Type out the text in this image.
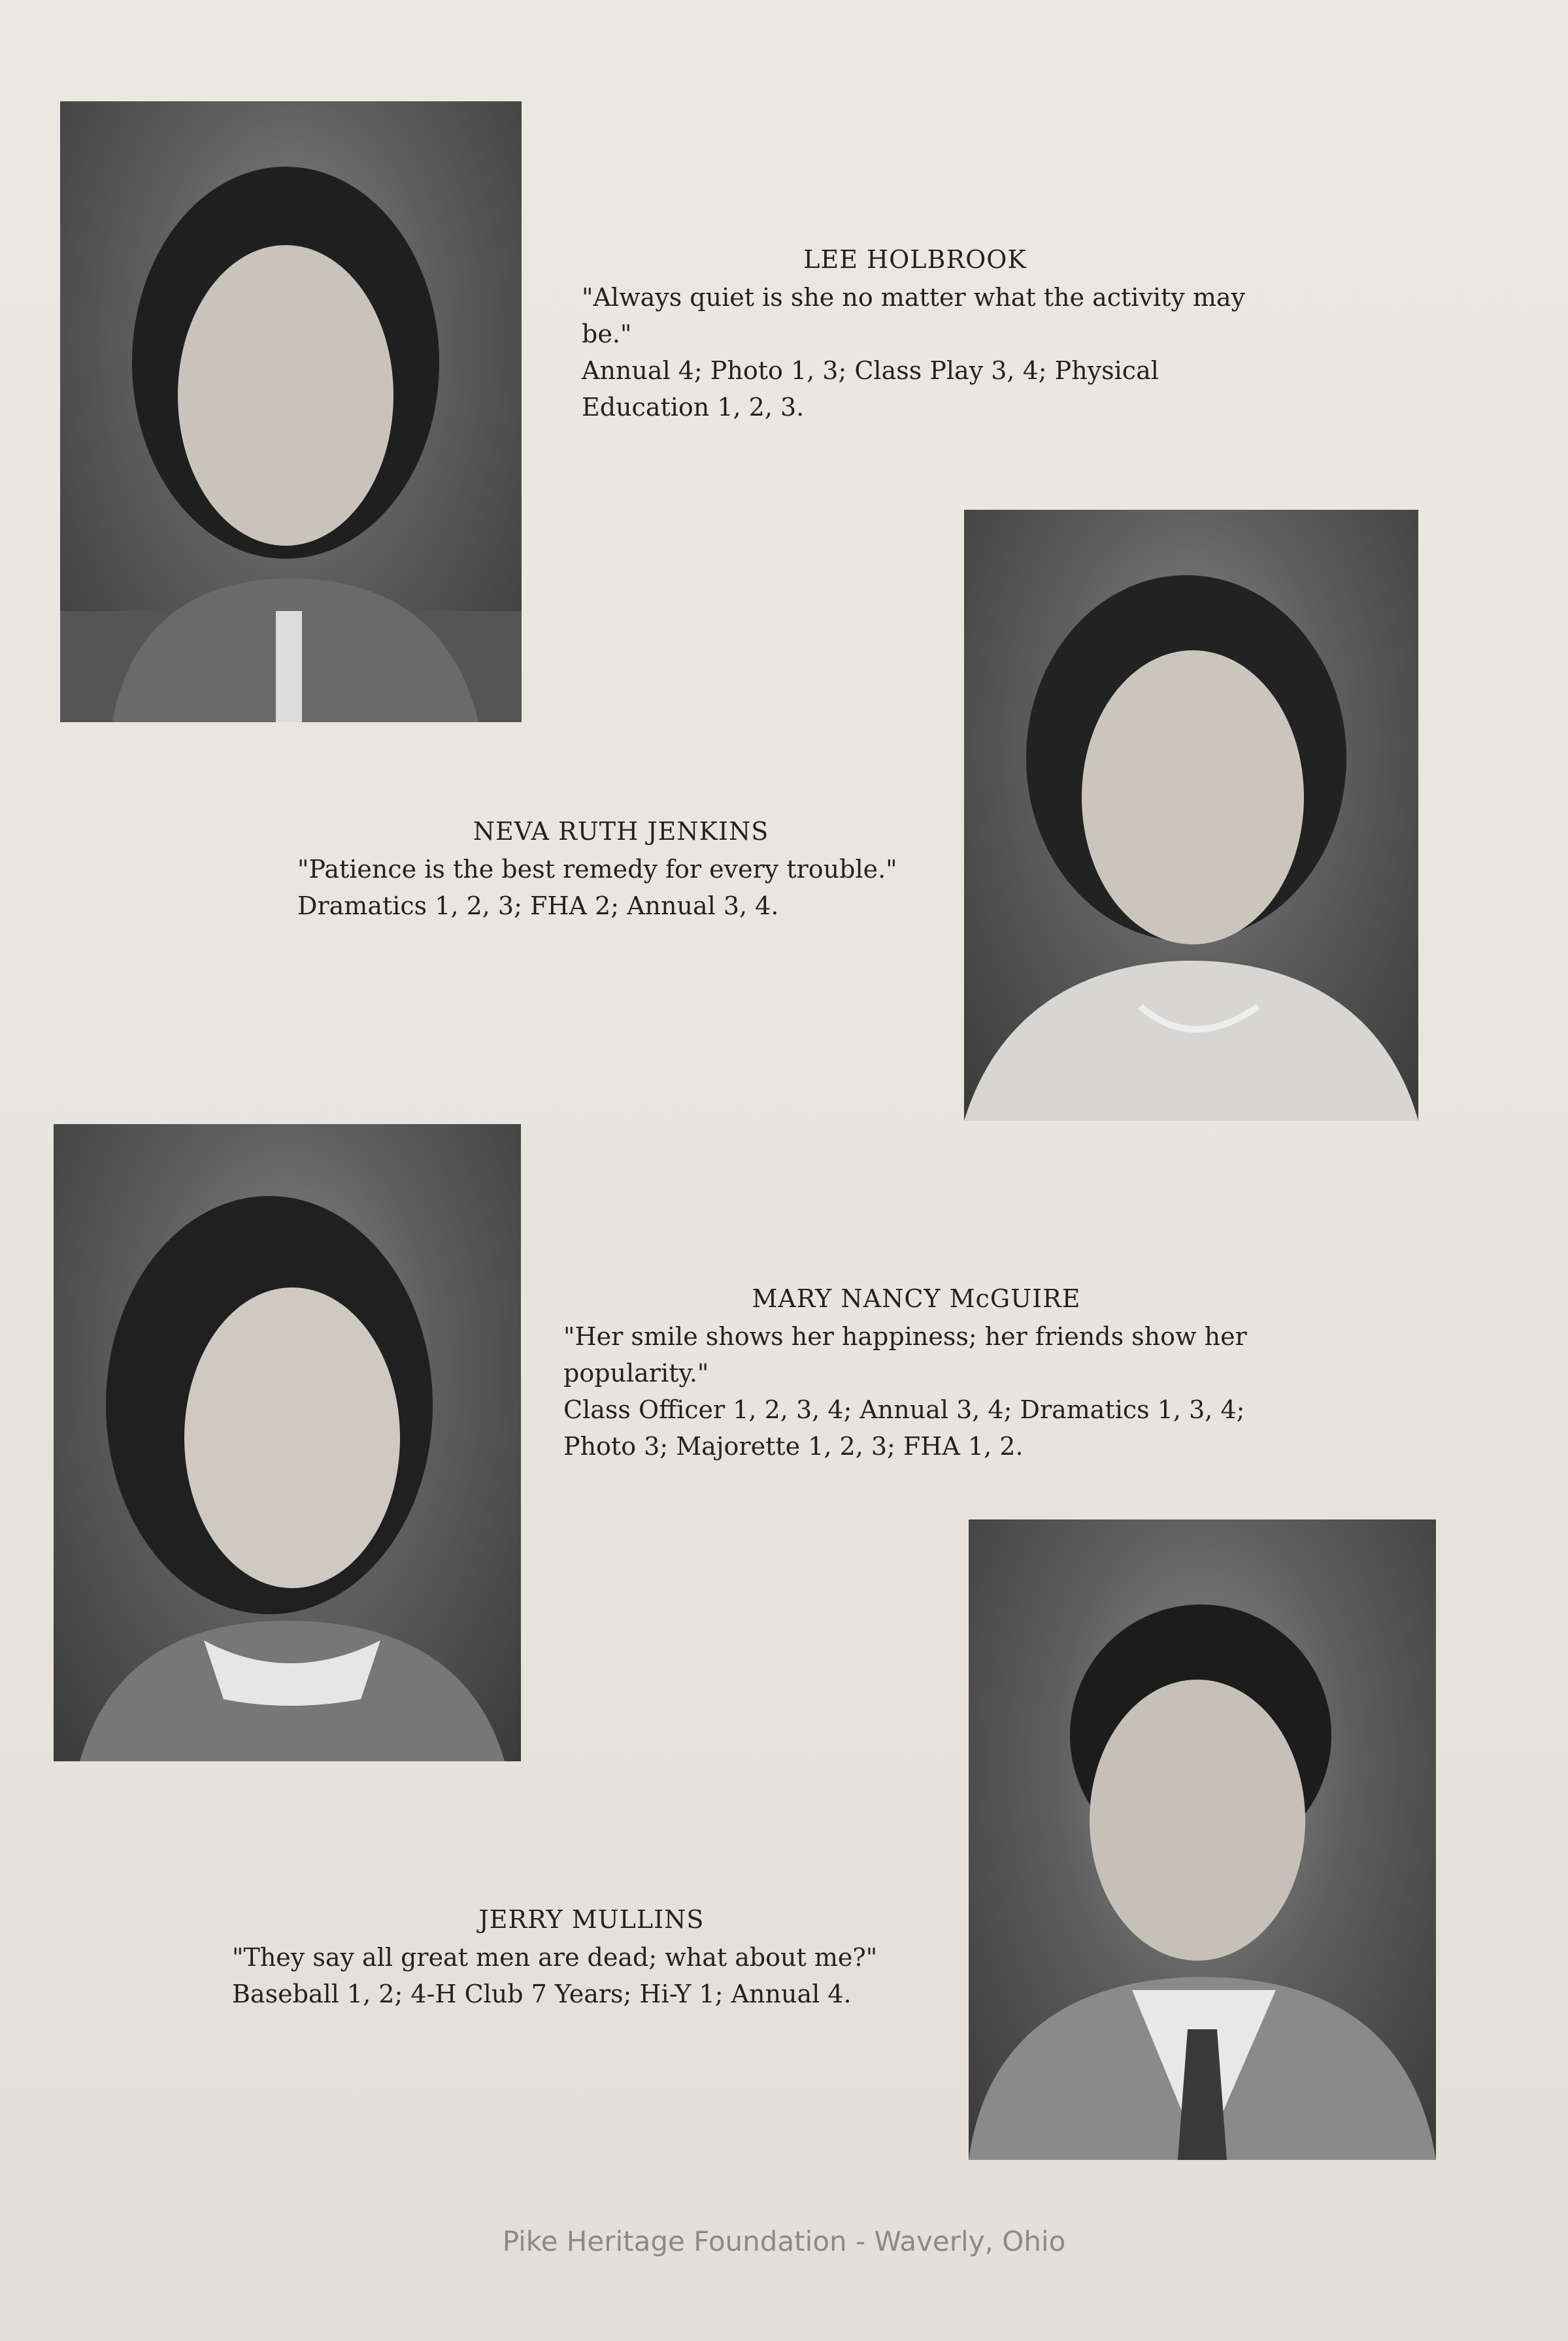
LEE HOLBROOK
"Always quiet is she no matter what the activity may be."
Annual 4; Photo 1, 3; Class Play 3, 4; Physical Education 1, 2, 3.
NEVA RUTH JENKINS
"Patience is the best remedy for every trouble."
Dramatics 1, 2, 3; FHA 2; Annual 3, 4.
MARY NANCY McGUIRE
"Her smile shows her happiness; her friends show her popularity."
Class Officer 1, 2, 3, 4; Annual 3, 4; Dramatics 1, 3, 4; Photo 3; Majorette 1, 2, 3; FHA 1, 2.
JERRY MULLINS
"They say all great men are dead; what about me?"
Baseball 1, 2; 4-H Club 7 Years; Hi-Y 1; Annual 4.
Pike Heritage Foundation - Waverly, Ohio
